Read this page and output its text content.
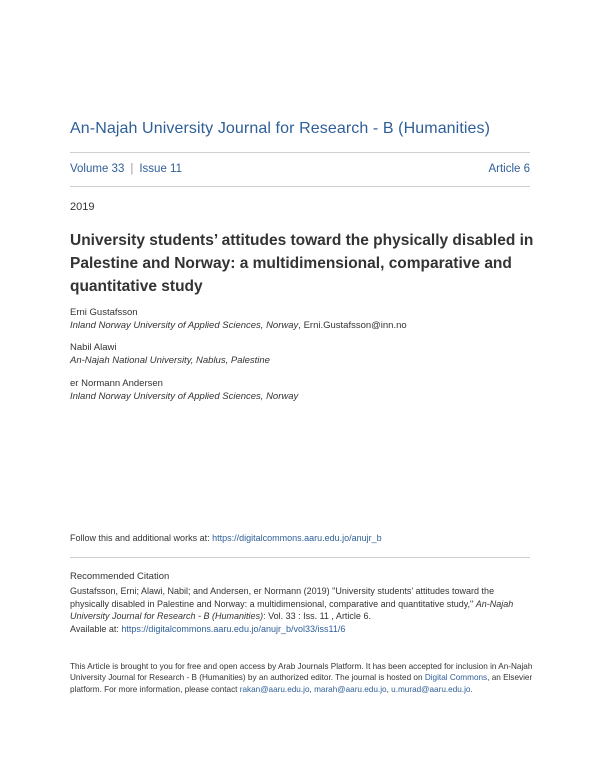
An-Najah University Journal for Research - B (Humanities)
Volume 33 | Issue 11	Article 6
2019
University students’ attitudes toward the physically disabled in Palestine and Norway: a multidimensional, comparative and quantitative study
Erni Gustafsson
Inland Norway University of Applied Sciences, Norway, Erni.Gustafsson@inn.no
Nabil Alawi
An-Najah National University, Nablus, Palestine
er Normann Andersen
Inland Norway University of Applied Sciences, Norway
Follow this and additional works at: https://digitalcommons.aaru.edu.jo/anujr_b
Recommended Citation
Gustafsson, Erni; Alawi, Nabil; and Andersen, er Normann (2019) "University students’ attitudes toward the physically disabled in Palestine and Norway: a multidimensional, comparative and quantitative study," An-Najah University Journal for Research - B (Humanities): Vol. 33 : Iss. 11 , Article 6.
Available at: https://digitalcommons.aaru.edu.jo/anujr_b/vol33/iss11/6
This Article is brought to you for free and open access by Arab Journals Platform. It has been accepted for inclusion in An-Najah University Journal for Research - B (Humanities) by an authorized editor. The journal is hosted on Digital Commons, an Elsevier platform. For more information, please contact rakan@aaru.edu.jo, marah@aaru.edu.jo, u.murad@aaru.edu.jo.
